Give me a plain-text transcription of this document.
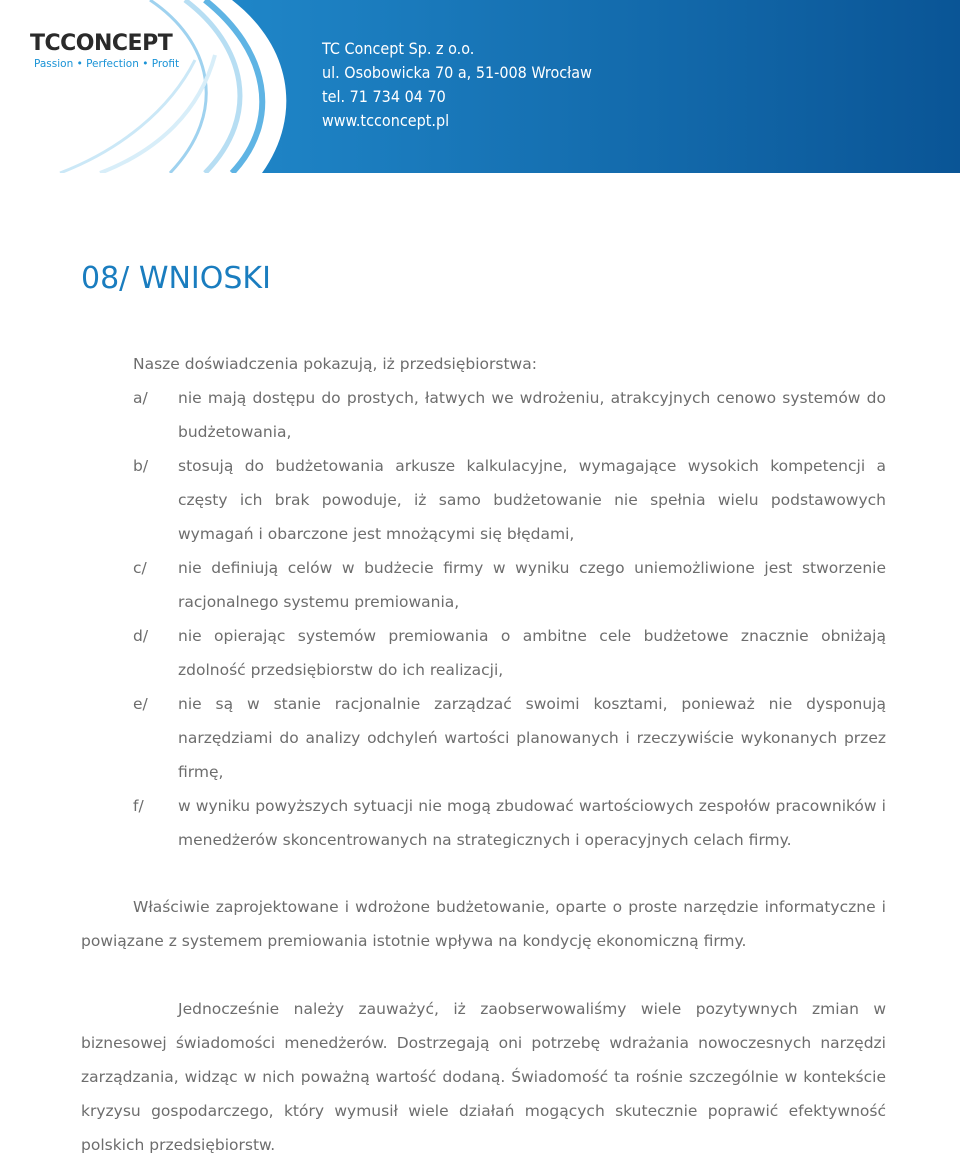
TCCONCEPT
Passion • Perfection • Profit
TC Concept Sp. z o.o.
ul. Osobowicka 70 a, 51-008 Wrocław
tel. 71 734 04 70
www.tcconcept.pl
08/ WNIOSKI
Nasze doświadczenia pokazują, iż przedsiębiorstwa:
a/	nie mają dostępu do prostych, łatwych we wdrożeniu, atrakcyjnych cenowo systemów do budżetowania,
b/	stosują do budżetowania arkusze kalkulacyjne, wymagające wysokich kompetencji a częsty ich brak powoduje, iż samo budżetowanie nie spełnia wielu podstawowych wymagań i obarczone jest mnożącymi się błędami,
c/	nie definiują celów w budżecie firmy w wyniku czego uniemożliwione jest stworzenie racjonalnego systemu premiowania,
d/	nie opierając systemów premiowania o ambitne cele budżetowe znacznie obniżają zdolność przedsiębiorstw do ich realizacji,
e/	nie są w stanie racjonalnie zarządzać swoimi kosztami, ponieważ nie dysponują narzędziami do analizy odchyleń wartości planowanych i rzeczywiście wykonanych przez firmę,
f/	w wyniku powyższych sytuacji nie mogą zbudować wartościowych zespołów pracowników i menedżerów skoncentrowanych na strategicznych i operacyjnych celach firmy.
Właściwie zaprojektowane i wdrożone budżetowanie, oparte o proste narzędzie informatyczne i powiązane z systemem premiowania istotnie wpływa na kondycję ekonomiczną firmy.
Jednocześnie należy zauważyć, iż zaobserwowaliśmy wiele pozytywnych zmian w biznesowej świadomości menedżerów. Dostrzegają oni potrzebę wdrażania nowoczesnych narzędzi zarządzania, widząc w nich poważną wartość dodaną. Świadomość ta rośnie szczególnie w kontekście kryzysu gospodarczego, który wymusił wiele działań mogących skutecznie poprawić efektywność polskich przedsiębiorstw.
